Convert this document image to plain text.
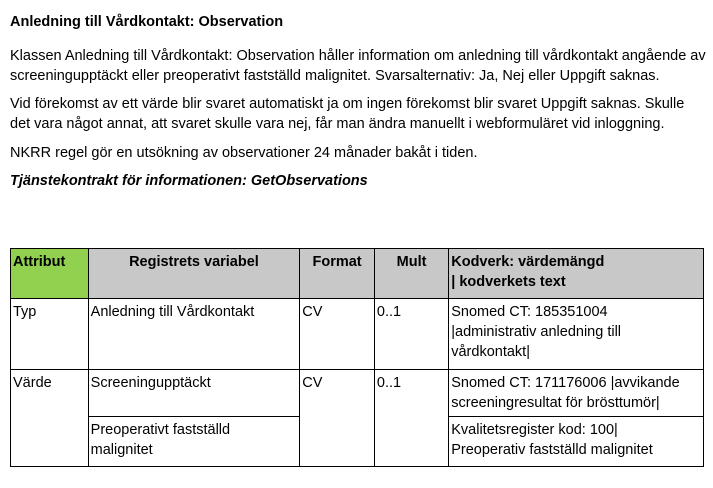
Anledning till Vårdkontakt: Observation

Klassen Anledning till Vårdkontakt: Observation håller information om anledning till vårdkontakt angående av screeningupptäckt eller preoperativt fastställd malignitet. Svarsalternativ: Ja, Nej eller Uppgift saknas.

Vid förekomst av ett värde blir svaret automatiskt ja om ingen förekomst blir svaret Uppgift saknas. Skulle det vara något annat, att svaret skulle vara nej, får man ändra manuellt i webformuläret vid inloggning.

NKRR regel gör en utsökning av observationer 24 månader bakåt i tiden.

Tjänstekontrakt för informationen: GetObservations
Attribut	Registrets variabel	Format	Mult	Kodverk: värdemängd
| kodverkets text
Typ	Anledning till Vårdkontakt	CV	0..1	Snomed CT: 185351004
|administrativ anledning till
vårdkontakt|
Värde	Screeningupptäckt	CV	0..1	Snomed CT: 171176006 |avvikande
screeningresultat för brösttumör|
	Preoperativt fastställd
malignitet			Kvalitetsregister kod: 100|
Preoperativ fastställd malignitet
